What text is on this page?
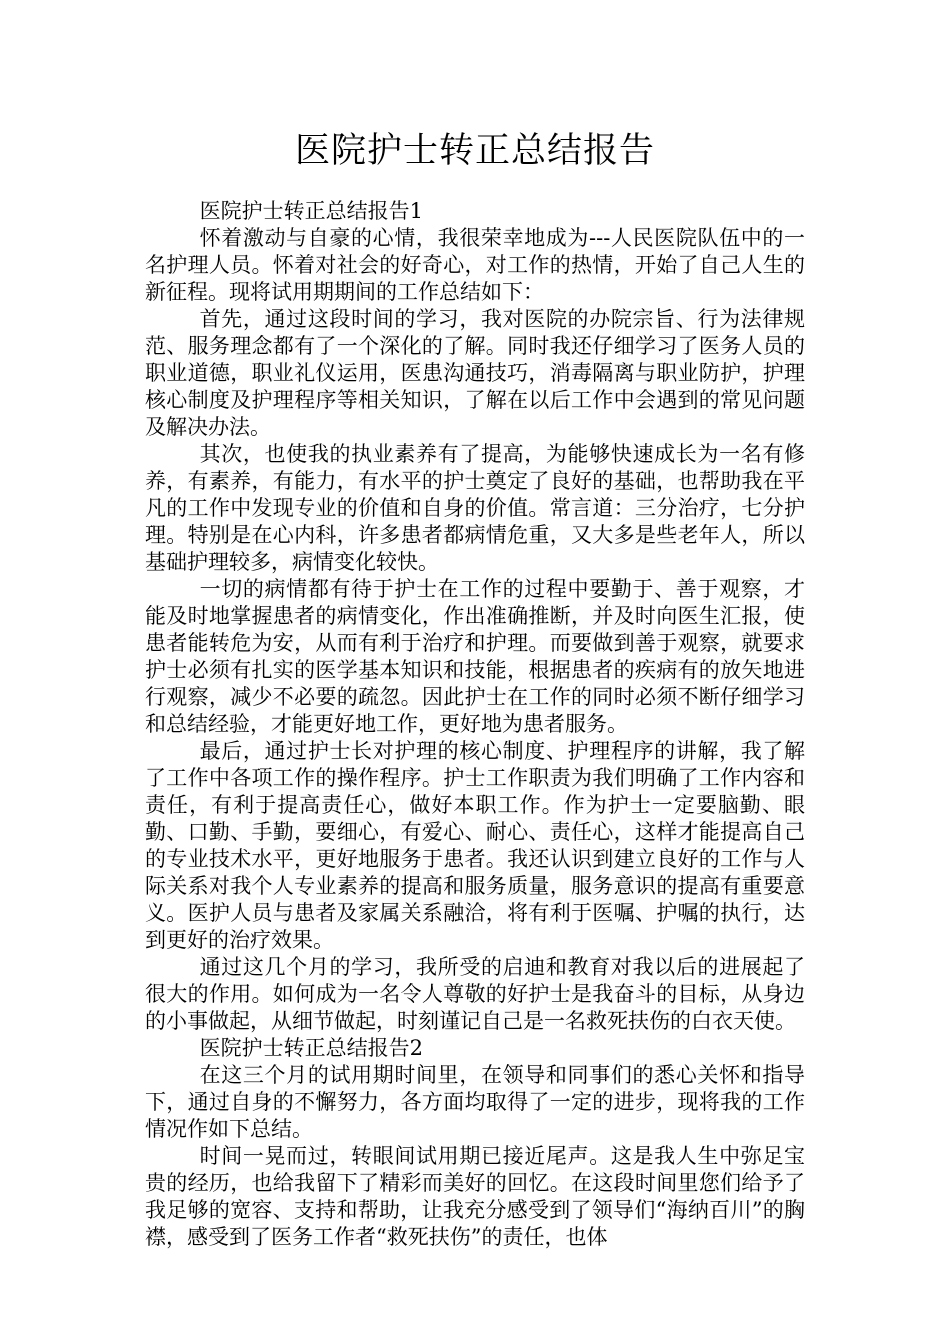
医院护士转正总结报告

医院护士转正总结报告1

怀着激动与自豪的心情，我很荣幸地成为---人民医院队伍中的一名护理人员。怀着对社会的好奇心，对工作的热情，开始了自己人生的新征程。现将试用期期间的工作总结如下：

首先，通过这段时间的学习，我对医院的办院宗旨、行为法律规范、服务理念都有了一个深化的了解。同时我还仔细学习了医务人员的职业道德，职业礼仪运用，医患沟通技巧，消毒隔离与职业防护，护理核心制度及护理程序等相关知识，了解在以后工作中会遇到的常见问题及解决办法。

其次，也使我的执业素养有了提高，为能够快速成长为一名有修养，有素养，有能力，有水平的护士奠定了良好的基础，也帮助我在平凡的工作中发现专业的价值和自身的价值。常言道：三分治疗，七分护理。特别是在心内科，许多患者都病情危重，又大多是些老年人，所以基础护理较多，病情变化较快。

一切的病情都有待于护士在工作的过程中要勤于、善于观察，才能及时地掌握患者的病情变化，作出准确推断，并及时向医生汇报，使患者能转危为安，从而有利于治疗和护理。而要做到善于观察，就要求护士必须有扎实的医学基本知识和技能，根据患者的疾病有的放矢地进行观察，减少不必要的疏忽。因此护士在工作的同时必须不断仔细学习和总结经验，才能更好地工作，更好地为患者服务。

最后，通过护士长对护理的核心制度、护理程序的讲解，我了解了工作中各项工作的操作程序。护士工作职责为我们明确了工作内容和责任，有利于提高责任心，做好本职工作。作为护士一定要脑勤、眼勤、口勤、手勤，要细心，有爱心、耐心、责任心，这样才能提高自己的专业技术水平，更好地服务于患者。我还认识到建立良好的工作与人际关系对我个人专业素养的提高和服务质量，服务意识的提高有重要意义。医护人员与患者及家属关系融洽，将有利于医嘱、护嘱的执行，达到更好的治疗效果。

通过这几个月的学习，我所受的启迪和教育对我以后的进展起了很大的作用。如何成为一名令人尊敬的好护士是我奋斗的目标，从身边的小事做起，从细节做起，时刻谨记自己是一名救死扶伤的白衣天使。

医院护士转正总结报告2

在这三个月的试用期时间里，在领导和同事们的悉心关怀和指导下，通过自身的不懈努力，各方面均取得了一定的进步，现将我的工作情况作如下总结。

时间一晃而过，转眼间试用期已接近尾声。这是我人生中弥足宝贵的经历，也给我留下了精彩而美好的回忆。在这段时间里您们给予了我足够的宽容、支持和帮助，让我充分感受到了领导们“海纳百川”的胸襟，感受到了医务工作者“救死扶伤”的责任，也体
